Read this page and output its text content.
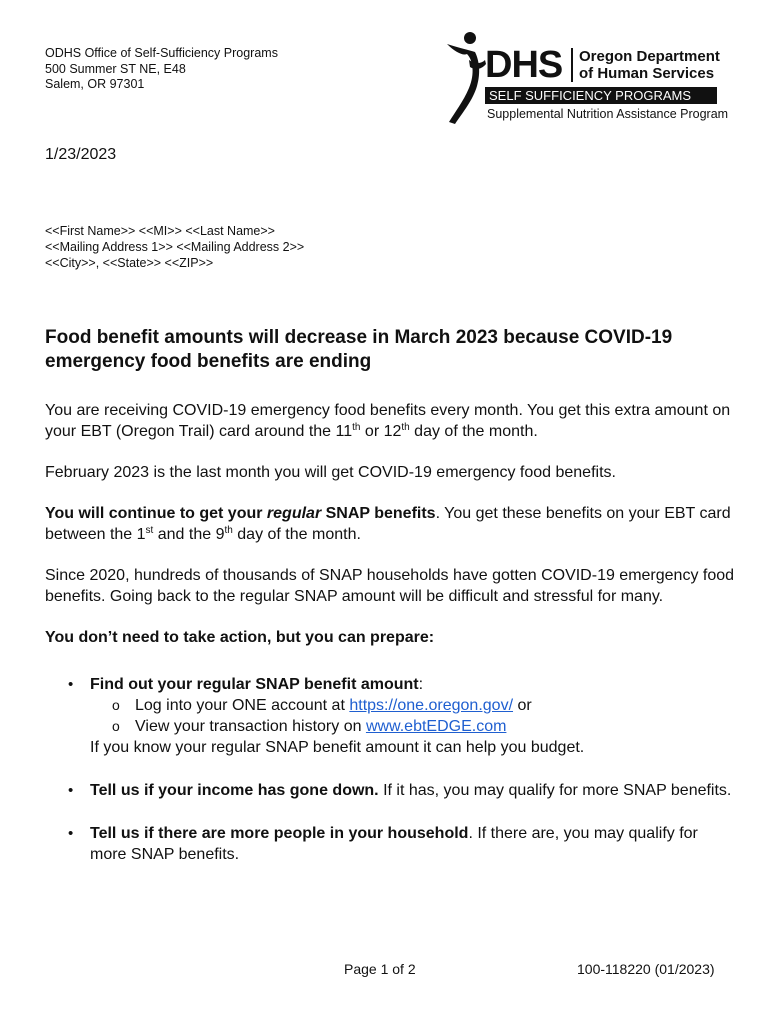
ODHS Office of Self-Sufficiency Programs
500 Summer ST NE, E48
Salem, OR 97301	DHS Oregon Department
of Human Services
SELF SUFFICIENCY PROGRAMS
Supplemental Nutrition Assistance Program
1/23/2023
<<First Name>> <<MI>> <<Last Name>>
<<Mailing Address 1>> <<Mailing Address 2>>
<<City>>, <<State>> <<ZIP>>
Food benefit amounts will decrease in March 2023 because COVID-19
emergency food benefits are ending

You are receiving COVID-19 emergency food benefits every month. You get this extra amount on your EBT (Oregon Trail) card around the 11th or 12th day of the month.

February 2023 is the last month you will get COVID-19 emergency food benefits.

You will continue to get your regular SNAP benefits. You get these benefits on your EBT card between the 1st and the 9th day of the month.

Since 2020, hundreds of thousands of SNAP households have gotten COVID-19 emergency food benefits. Going back to the regular SNAP amount will be difficult and stressful for many.

You don’t need to take action, but you can prepare:

• Find out your regular SNAP benefit amount:
o Log into your ONE account at https://one.oregon.gov/ or
o View your transaction history on www.ebtEDGE.com
If you know your regular SNAP benefit amount it can help you budget.
• Tell us if your income has gone down. If it has, you may qualify for more SNAP benefits.
• Tell us if there are more people in your household. If there are, you may qualify for more SNAP benefits.
Page 1 of 2	100-118220 (01/2023)
